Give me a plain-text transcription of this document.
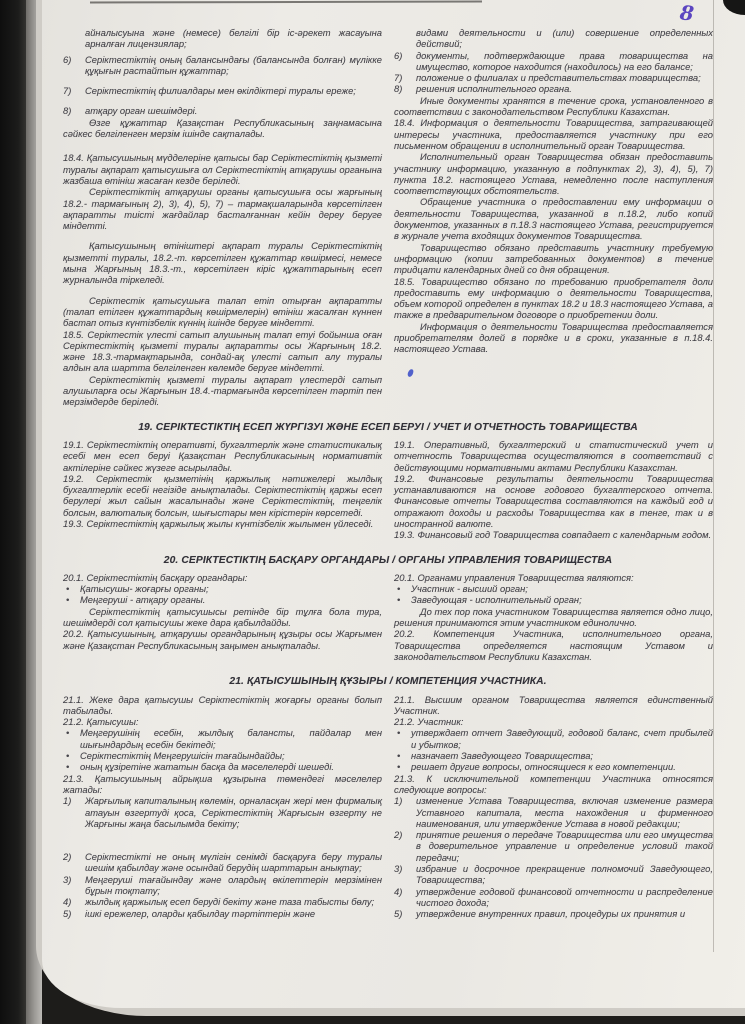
8

айналысуына және (немесе) белгілі бір іс-әрекет жасауына арналған лицензиялар;

6)	Серіктестіктің оның балансындағы (балансында болған) мүлікке құқығын растайтын құжаттар;
7)	Серіктестіктің филиалдары мен өкілдіктері туралы ереже;
8)	атқару орган шешімдері.

Өзге құжаттар Қазақстан Республикасының заңнамасына сәйкес белгіленген мерзім ішінде сақталады.

18.4. Қатысушының мүдделеріне қатысы бар Серіктестіктің қызметі туралы ақпарат қатысушыға ол Серіктестіктің атқарушы органына жазбаша өтініш жасаған кезде беріледі.

Серіктестіктің атқарушы органы қатысушыға осы жарғының 18.2.- тармағының 2), 3), 4), 5), 7) – тармақшаларында көрсетілген ақпаратты тиісті жағдайлар басталғаннан кейін дереу беруге міндетті.

Қатысушының өтініштері ақпарат туралы Серіктестіктің қызметті туралы, 18.2.-т. көрсетілген құжаттар көшірмесі, немесе мына Жарғының 18.3.-т., көрсетілген кіріс құжаттарының есеп журналында тіркеледі.

Серіктестік қатысушыға талап етіп отырған ақпаратты (талап етілген құжаттардың көшірмелерін) өтініш жасалған күннен бастап отыз күнтізбелік күннің ішінде беруге міндетті.

18.5. Серіктестік үлесті сатып алушының талап етуі бойынша оған Серіктестіктің қызметі туралы ақпаратты осы Жарғының 18.2. және 18.3.-тармақтарында, сондай-ақ үлесті сатып алу туралы алдын ала шартта белгіленген көлемде беруге міндетті.

Серіктестіктің қызметі туралы ақпарат үлестерді сатып алушыларға осы Жарғынын 18.4.-тармағында көрсетілген тәртіп пен мерзімдерде беріледі.

видами деятельности и (или) совершение определенных действий;

6)	документы, подтверждающие права товарищества на имущество, которое находится (находилось) на его балансе;
7)	положение о филиалах и представительствах товарищества;
8)	решения исполнительного органа.

Иные документы хранятся в течение срока, установленного в соответствии с законодательством Республики Казахстан.

18.4. Информация о деятельности Товарищества, затрагивающей интересы участника, предоставляется участнику при его письменном обращении в исполнительный орган Товарищества.

Исполнительный орган Товарищества обязан предоставить участнику информацию, указанную в подпунктах 2), 3), 4), 5), 7) пункта 18.2. настоящего Устава, немедленно после наступления соответствующих обстоятельств.

Обращение участника о предоставлении ему информации о деятельности Товарищества, указанной в п.18.2, либо копий документов, указанных в п.18.3 настоящего Устава, регистрируется в журнале учета входящих документов Товарищества.

Товарищество обязано представить участнику требуемую информацию (копии затребованных документов) в течение тридцати календарных дней со дня обращения.

18.5. Товарищество обязано по требованию приобретателя доли предоставить ему информацию о деятельности Товарищества, объем которой определен в пунктах 18.2 и 18.3 настоящего Устава, а также в предварительном договоре о приобретении доли.

Информация о деятельности Товарищества предоставляется приобретателям долей в порядке и в сроки, указанные в п.18.4. настоящего Устава.

19. СЕРІКТЕСТІКТІҢ ЕСЕП ЖҮРГІЗУІ ЖӘНЕ ЕСЕП БЕРУІ / УЧЕТ И ОТЧЕТНОСТЬ ТОВАРИЩЕСТВА

19.1. Серіктестіктің оперативті, бухгалтерлік және статистикалық есебі мен есеп беруі Қазақстан Республикасының нормативтік актілеріне сәйкес жүзеге асырылады.

19.2. Серіктестік қызметінің қаржылық нәтижелері жылдық бухгалтерлік есебі негізіде анықталады. Серіктестіктің қаржы есеп берулері жыл сайын жасалынады және Серіктестіктің, теңгелік болсын, валюталық болсын, шығыстары мен кірістерін көрсетеді.

19.3. Серіктестіктің қаржылық жылы күнтізбелік жылымен үйлеседі.

19.1. Оперативный, бухгалтерский и статистический учет и отчетность Товарищества осуществляются в соответствий с действующими нормативными актами Республики Казахстан.

19.2. Финансовые результаты деятельности Товарищества устанавливаются на основе годового бухгалтерского отчета. Финансовые отчеты Товарищества составляются на каждый год и отражают доходы и расходы Товарищества как в тенге, так и в иностранной валюте.

19.3. Финансовый год Товарищества совпадает с календарным годом.

20. СЕРІКТЕСТІКТІҢ БАСҚАРУ ОРГАНДАРЫ / ОРГАНЫ УПРАВЛЕНИЯ ТОВАРИЩЕСТВА

20.1. Серіктестіктің басқару органдары:

•	Қатысушы- жоғарғы органы;
•	Меңгеруші - атқару органы.

Серіктестіктің қатысушысы ретінде бір тұлға бола тура, шешімдерді сол қатысушы жеке дара қабылдайды.

20.2. Қатысушының, атқарушы органдарының құзыры осы Жарғымен және Қазақстан Республикасының заңымен анықталады.

20.1. Органами управления Товарищества являются:

•	Участник - высший орган;
•	Заведующая - исполнительный орган;

До тех пор пока участником Товарищества является одно лицо, решения принимаются этим участником единолично.

20.2. Компетенция Участника, исполнительного органа, Товарищества определяется настоящим Уставом и законодательством Республики Казахстан.

21. ҚАТЫСУШЫНЫҢ ҚҰЗЫРЫ / КОМПЕТЕНЦИЯ УЧАСТНИКА.

21.1. Жеке дара қатысушы Серіктестіктің жоғарғы органы болып табылады.

21.2. Қатысушы:

•	Меңгерушінің есебін, жылдық балансты, пайдалар мен шығындардың есебін бекітеді;
•	Серіктестіктің Меңгерушісін тағайындайды;
•	оның құзіретіне жататын басқа да мәселелерді шешеді.

21.3. Қатысушының айрықша құзырына төмендегі мәселелер жатады:

1)	Жарғылық капиталының көлемін, орналасқан жері мен фирмалық атауын өзгертуді қоса, Серіктестіктің Жарғысын өзгерту не Жарғыны жаңа басылымда бекіту;
2)	Серіктестікті не оның мүлігін сенімді басқаруға беру туралы шешім қабылдау және осындай берудің шарттарын анықтау;
3)	Меңгеруші тағайындау және олардың өкілеттерін мерзімінен бұрын тоқтату;
4)	жылдық қаржылық есеп беруді бекіту және таза табысты бөлу;
5)	ішкі ережелер, оларды қабылдау тәртіптерін және

21.1. Высшим органом Товарищества является единственный Участник.

21.2. Участник:

•	утверждает отчет Заведующий, годовой баланс, счет прибылей и убытков;
•	назначает Заведующего Товарищества;
•	решает другие вопросы, относящиеся к его компетенции.

21.3. К исключительной компетенции Участника относятся следующие вопросы:

1)	изменение Устава Товарищества, включая изменение размера Уставного капитала, места нахождения и фирменного наименования, или утверждение Устава в новой редакции;
2)	принятие решения о передаче Товарищества или его имущества в доверительное управление и определение условий такой передачи;
3)	избрание и досрочное прекращение полномочий Заведующего, Товарищества;
4)	утверждение годовой финансовой отчетности и распределение чистого дохода;
5)	утверждение внутренних правил, процедуры их принятия и
